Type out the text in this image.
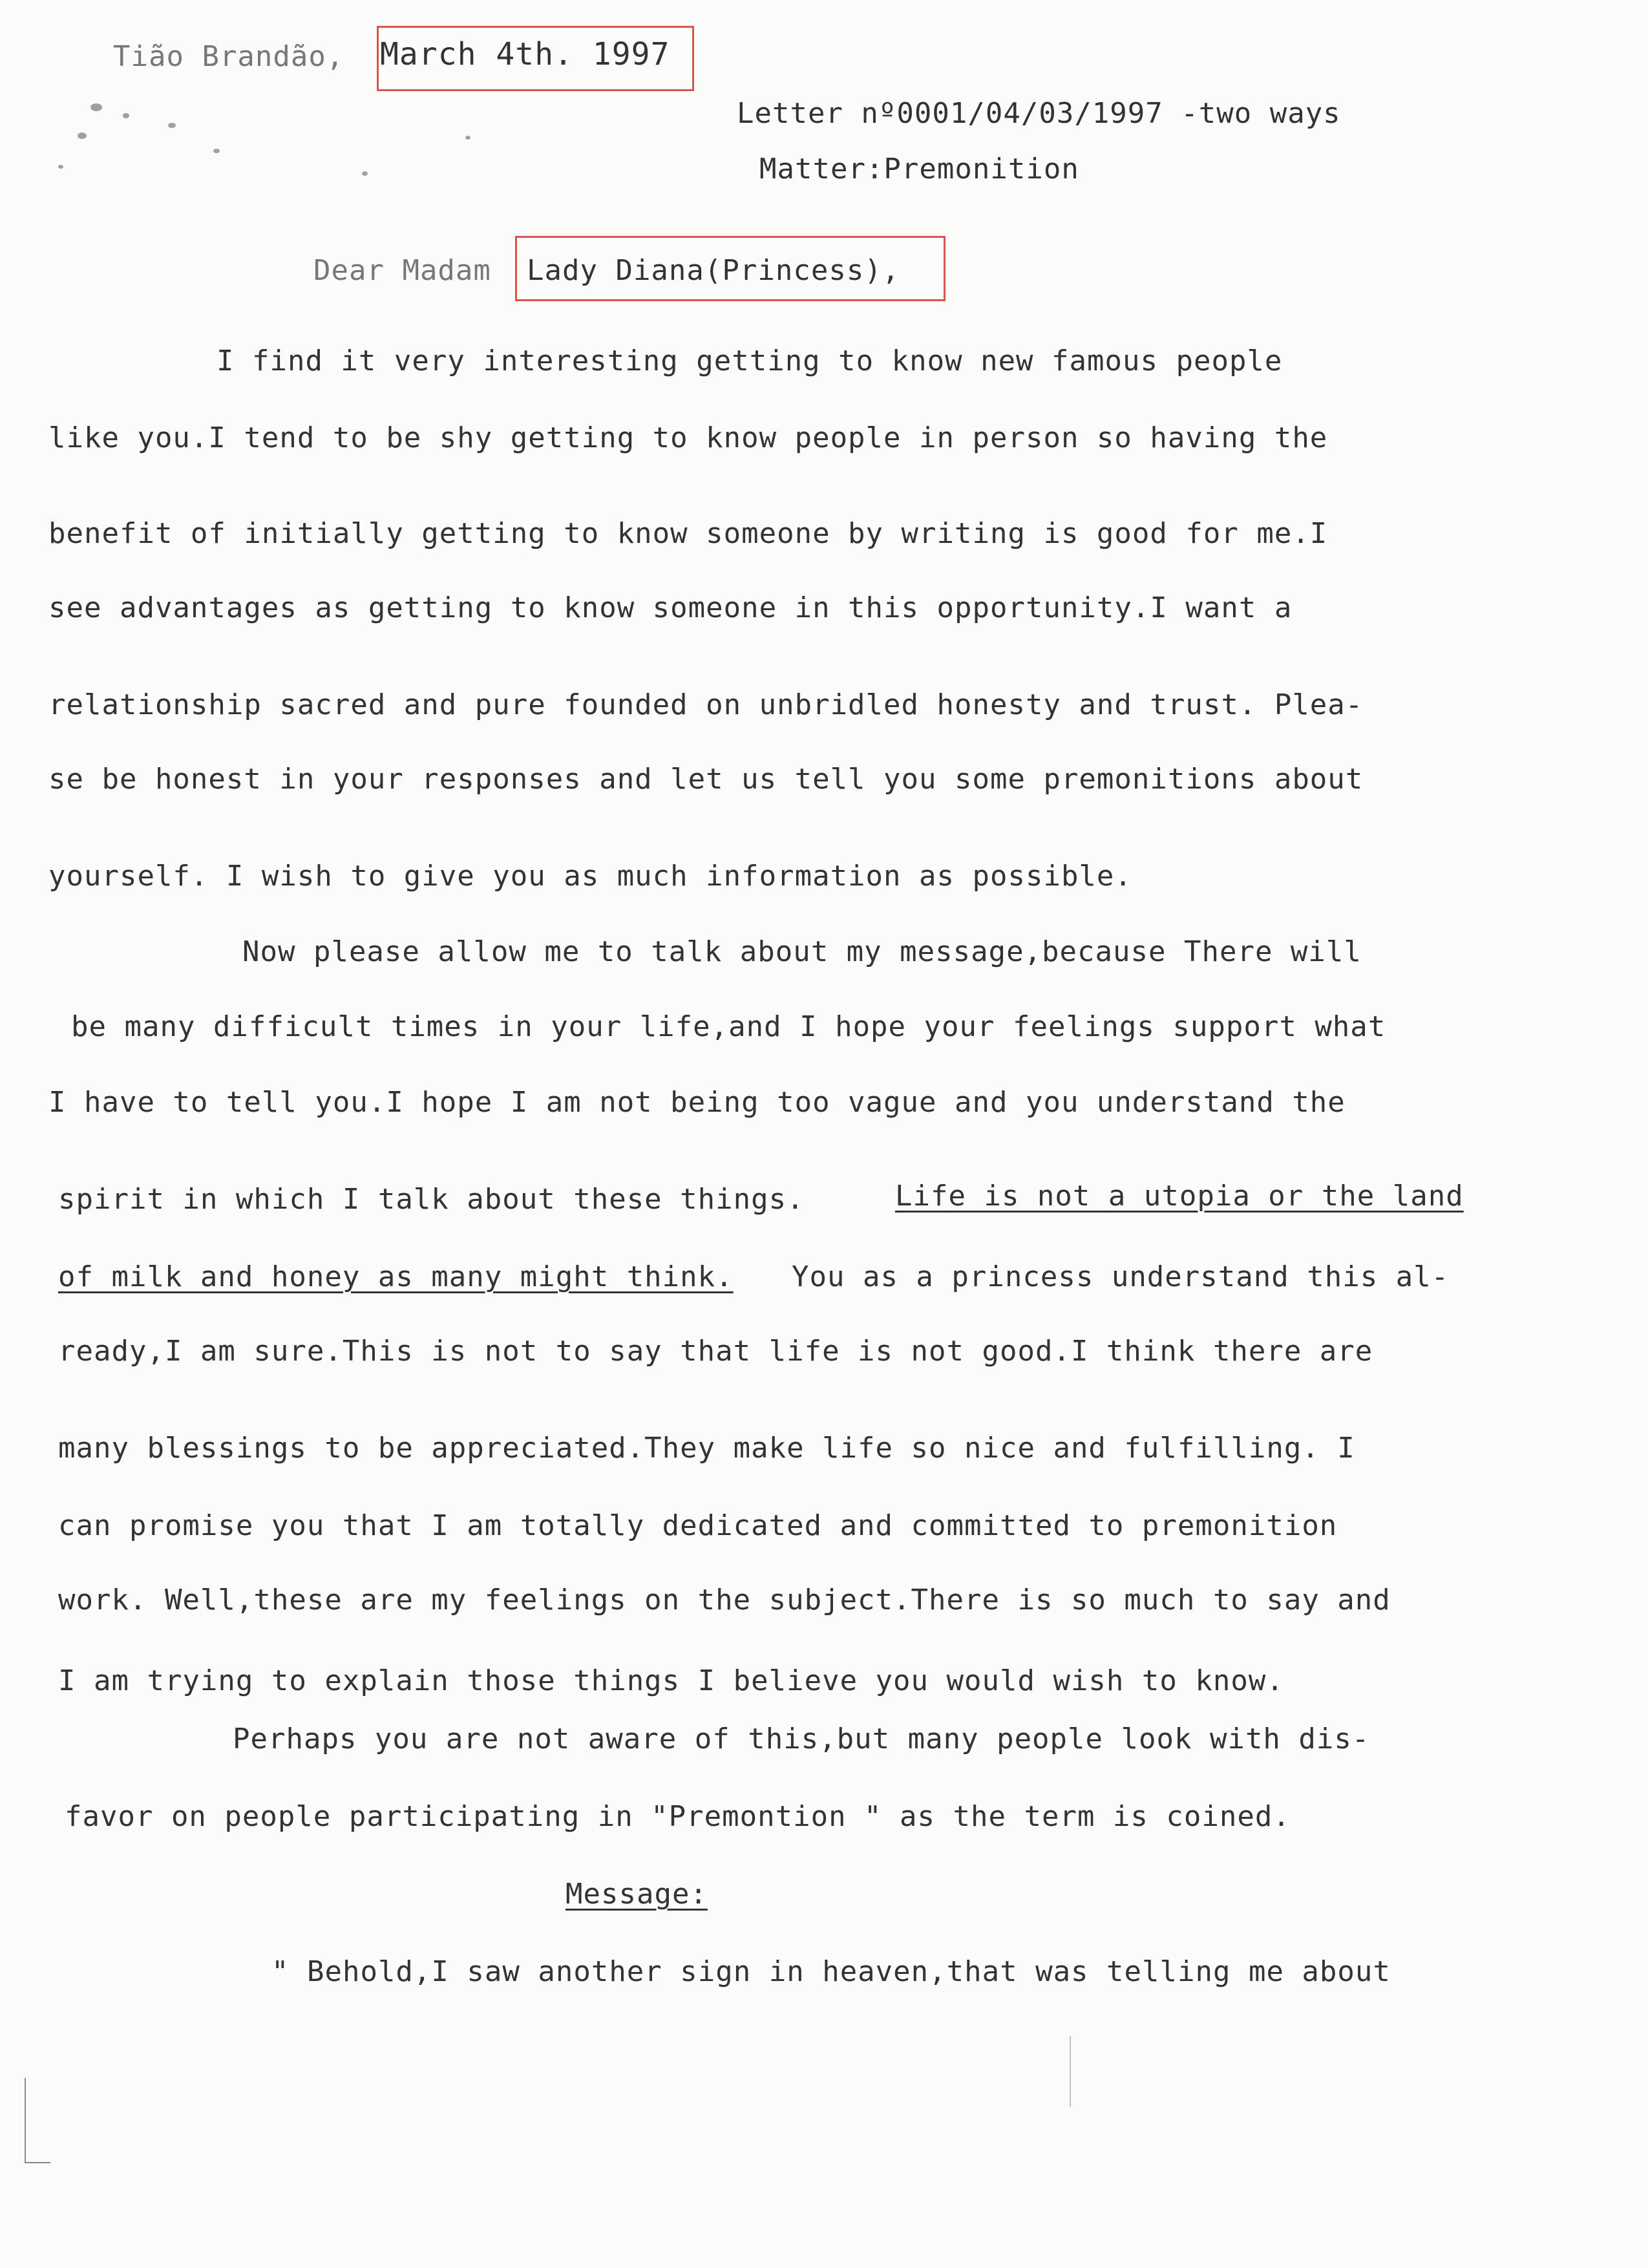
Tião Brandão, March 4th. 1997
Letter nº0001/04/03/1997 -two ways
Matter:Premonition
Dear Madam Lady Diana(Princess),
I find it very interesting getting to know new famous people
like you.I tend to be shy getting to know people in person so having the
benefit of initially getting to know someone by writing is good for me.I
see advantages as getting to know someone in this opportunity.I want a
relationship sacred and pure founded on unbridled honesty and trust. Plea-
se be honest in your responses and let us tell you some premonitions about
yourself. I wish to give you as much information as possible.
Now please allow me to talk about my message,because There will
be many difficult times in your life,and I hope your feelings support what
I have to tell you.I hope I am not being too vague and you understand the
spirit in which I talk about these things.	Life is not a utopia or the land
of milk and honey as many might think. You as a princess understand this al-
ready,I am sure.This is not to say that life is not good.I think there are
many blessings to be appreciated.They make life so nice and fulfilling. I
can promise you that I am totally dedicated and committed to premonition
work. Well,these are my feelings on the subject.There is so much to say and
I am trying to explain those things I believe you would wish to know.
Perhaps you are not aware of this,but many people look with dis-
favor on people participating in "Premontion " as the term is coined.
Message:
" Behold,I saw another sign in heaven,that was telling me about
